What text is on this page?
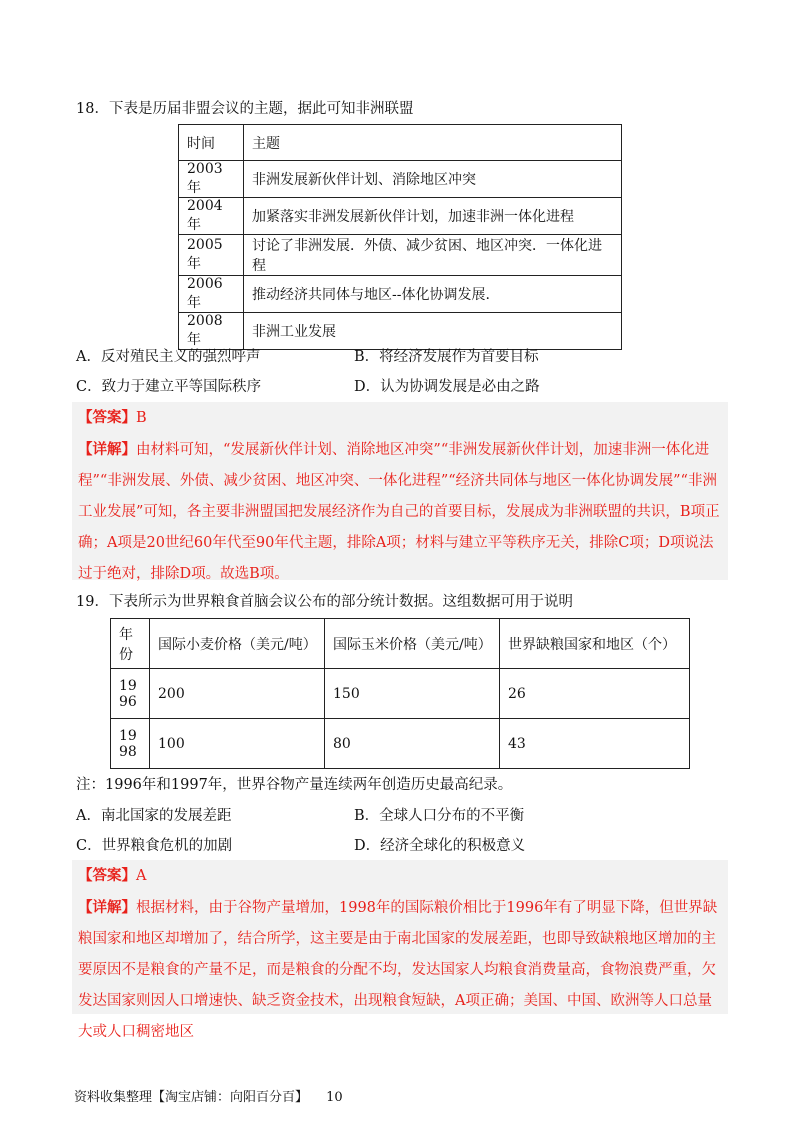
18．下表是历届非盟会议的主题，据此可知非洲联盟
时间	主题
2003年	非洲发展新伙伴计划、消除地区冲突
2004年	加紧落实非洲发展新伙伴计划，加速非洲一体化进程
2005年	讨论了非洲发展．外债、减少贫困、地区冲突．一体化进程
2006年	推动经济共同体与地区--体化协调发展.
2008年	非洲工业发展
A．反对殖民主义的强烈呼声	B．将经济发展作为首要目标
C．致力于建立平等国际秩序	D．认为协调发展是必由之路

【答案】B

【详解】由材料可知，“发展新伙伴计划、消除地区冲突”“非洲发展新伙伴计划，加速非洲一体化进程”“非洲发展、外债、减少贫困、地区冲突、一体化进程”“经济共同体与地区一体化协调发展”“非洲工业发展”可知，各主要非洲盟国把发展经济作为自己的首要目标，发展成为非洲联盟的共识，B项正确；A项是20世纪60年代至90年代主题，排除A项；材料与建立平等秩序无关，排除C项；D项说法过于绝对，排除D项。故选B项。

19．下表所示为世界粮食首脑会议公布的部分统计数据。这组数据可用于说明
年份	国际小麦价格（美元/吨）	国际玉米价格（美元/吨）	世界缺粮国家和地区（个）
1996	200	150	26
1998	100	80	43
注：1996年和1997年，世界谷物产量连续两年创造历史最高纪录。
A．南北国家的发展差距	B．全球人口分布的不平衡
C．世界粮食危机的加剧	D．经济全球化的积极意义

【答案】A

【详解】根据材料，由于谷物产量增加，1998年的国际粮价相比于1996年有了明显下降，但世界缺粮国家和地区却增加了，结合所学，这主要是由于南北国家的发展差距，也即导致缺粮地区增加的主要原因不是粮食的产量不足，而是粮食的分配不均，发达国家人均粮食消费量高，食物浪费严重，欠发达国家则因人口增速快、缺乏资金技术，出现粮食短缺，A项正确；美国、中国、欧洲等人口总量大或人口稠密地区

资料收集整理【淘宝店铺：向阳百分百】 10
